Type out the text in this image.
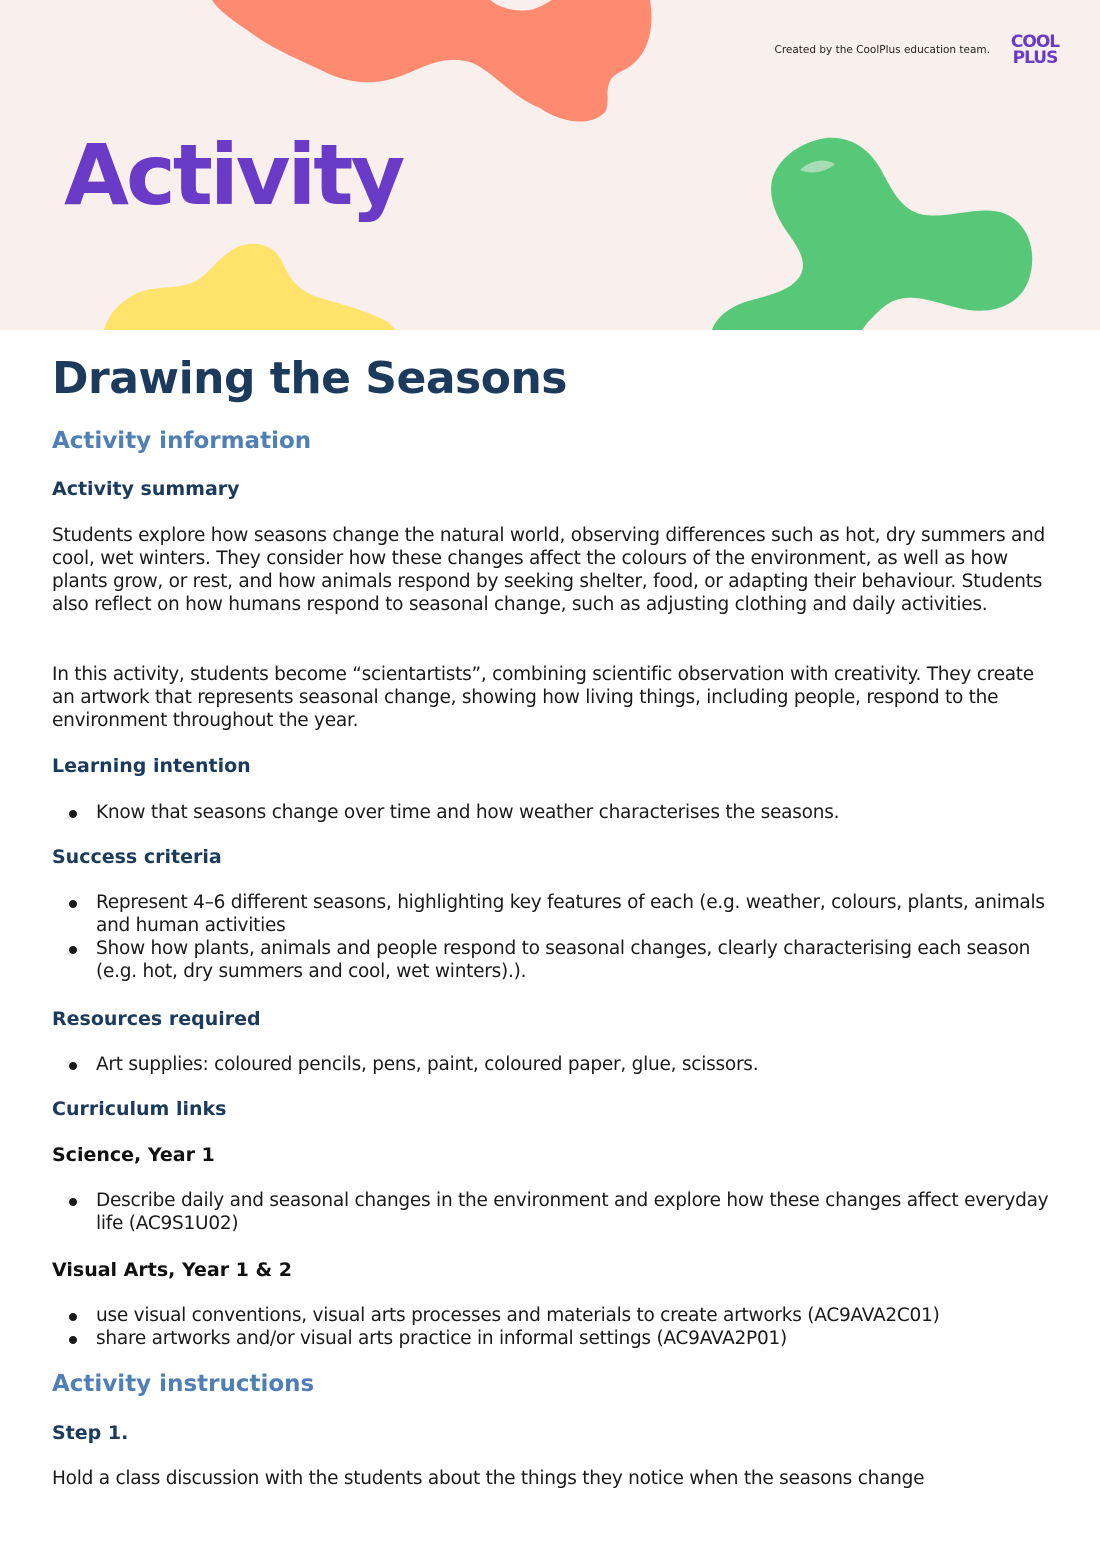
Created by the CoolPlus education team.	COOL
PLUS
Activity
Drawing the Seasons
Activity information
Activity summary

Students explore how seasons change the natural world, observing differences such as hot, dry summers and cool, wet winters. They consider how these changes affect the colours of the environment, as well as how plants grow, or rest, and how animals respond by seeking shelter, food, or adapting their behaviour. Students also reflect on how humans respond to seasonal change, such as adjusting clothing and daily activities.

In this activity, students become “scientartists”, combining scientific observation with creativity. They create an artwork that represents seasonal change, showing how living things, including people, respond to the environment throughout the year.

Learning intention
Know that seasons change over time and how weather characterises the seasons.
Success criteria
Represent 4–6 different seasons, highlighting key features of each (e.g. weather, colours, plants, animals and human activities
Show how plants, animals and people respond to seasonal changes, clearly characterising each season (e.g. hot, dry summers and cool, wet winters).).
Resources required
Art supplies: coloured pencils, pens, paint, coloured paper, glue, scissors.
Curriculum links
Science, Year 1
Describe daily and seasonal changes in the environment and explore how these changes affect everyday life (AC9S1U02)
Visual Arts, Year 1 & 2
use visual conventions, visual arts processes and materials to create artworks (AC9AVA2C01)
share artworks and/or visual arts practice in informal settings (AC9AVA2P01)
Activity instructions
Step 1.

Hold a class discussion with the students about the things they notice when the seasons change
